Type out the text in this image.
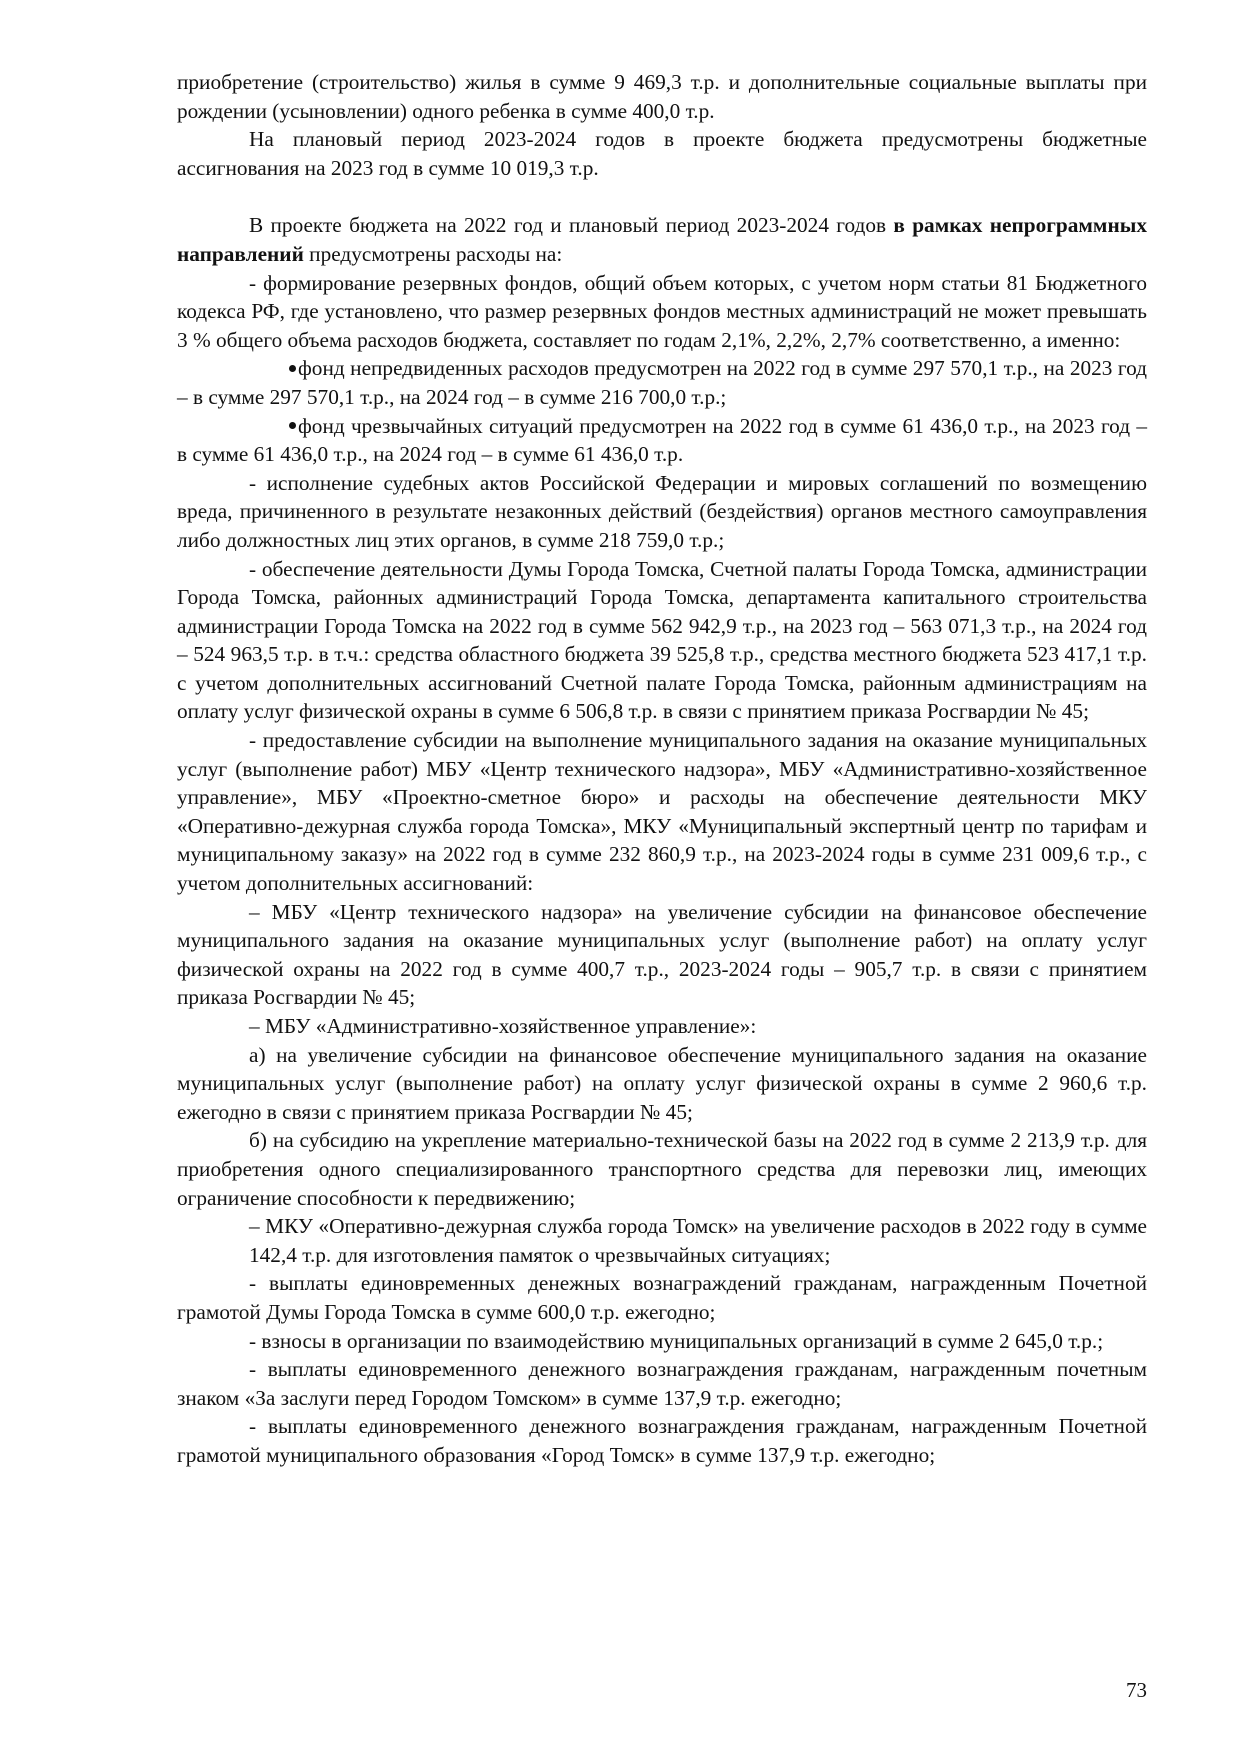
приобретение (строительство) жилья в сумме 9 469,3 т.р. и дополнительные социальные выплаты при рождении (усыновлении) одного ребенка в сумме 400,0 т.р.

На плановый период 2023-2024 годов в проекте бюджета предусмотрены бюджетные ассигнования на 2023 год в сумме 10 019,3 т.р.

В проекте бюджета на 2022 год и плановый период 2023-2024 годов в рамках непрограммных направлений предусмотрены расходы на:

- формирование резервных фондов, общий объем которых, с учетом норм статьи 81 Бюджетного кодекса РФ, где установлено, что размер резервных фондов местных администраций не может превышать 3 % общего объема расходов бюджета, составляет по годам 2,1%, 2,2%, 2,7% соответственно, а именно:

фонд непредвиденных расходов предусмотрен на 2022 год в сумме 297 570,1 т.р., на 2023 год – в сумме 297 570,1 т.р., на 2024 год – в сумме 216 700,0 т.р.;

фонд чрезвычайных ситуаций предусмотрен на 2022 год в сумме 61 436,0 т.р., на 2023 год – в сумме 61 436,0 т.р., на 2024 год – в сумме 61 436,0 т.р.

- исполнение судебных актов Российской Федерации и мировых соглашений по возмещению вреда, причиненного в результате незаконных действий (бездействия) органов местного самоуправления либо должностных лиц этих органов, в сумме 218 759,0 т.р.;

- обеспечение деятельности Думы Города Томска, Счетной палаты Города Томска, администрации Города Томска, районных администраций Города Томска, департамента капитального строительства администрации Города Томска на 2022 год в сумме 562 942,9 т.р., на 2023 год – 563 071,3 т.р., на 2024 год – 524 963,5 т.р. в т.ч.: средства областного бюджета 39 525,8 т.р., средства местного бюджета 523 417,1 т.р. с учетом дополнительных ассигнований Счетной палате Города Томска, районным администрациям на оплату услуг физической охраны в сумме 6 506,8 т.р. в связи с принятием приказа Росгвардии № 45;

- предоставление субсидии на выполнение муниципального задания на оказание муниципальных услуг (выполнение работ) МБУ «Центр технического надзора», МБУ «Административно-хозяйственное управление», МБУ «Проектно-сметное бюро» и расходы на обеспечение деятельности МКУ «Оперативно-дежурная служба города Томска», МКУ «Муниципальный экспертный центр по тарифам и муниципальному заказу» на 2022 год в сумме 232 860,9 т.р., на 2023-2024 годы в сумме 231 009,6 т.р., с учетом дополнительных ассигнований:

– МБУ «Центр технического надзора» на увеличение субсидии на финансовое обеспечение муниципального задания на оказание муниципальных услуг (выполнение работ) на оплату услуг физической охраны на 2022 год в сумме 400,7 т.р., 2023-2024 годы – 905,7 т.р. в связи с принятием приказа Росгвардии № 45;

– МБУ «Административно-хозяйственное управление»:

а) на увеличение субсидии на финансовое обеспечение муниципального задания на оказание муниципальных услуг (выполнение работ) на оплату услуг физической охраны в сумме 2 960,6 т.р. ежегодно в связи с принятием приказа Росгвардии № 45;

б) на субсидию на укрепление материально-технической базы на 2022 год в сумме 2 213,9 т.р. для приобретения одного специализированного транспортного средства для перевозки лиц, имеющих ограничение способности к передвижению;

– МКУ «Оперативно-дежурная служба города Томск» на увеличение расходов в 2022 году в сумме 142,4 т.р. для изготовления памяток о чрезвычайных ситуациях;

- выплаты единовременных денежных вознаграждений гражданам, награжденным Почетной грамотой Думы Города Томска в сумме 600,0 т.р. ежегодно;

- взносы в организации по взаимодействию муниципальных организаций в сумме 2 645,0 т.р.;

- выплаты единовременного денежного вознаграждения гражданам, награжденным почетным знаком «За заслуги перед Городом Томском» в сумме 137,9 т.р. ежегодно;

- выплаты единовременного денежного вознаграждения гражданам, награжденным Почетной грамотой муниципального образования «Город Томск» в сумме 137,9 т.р. ежегодно;

73
